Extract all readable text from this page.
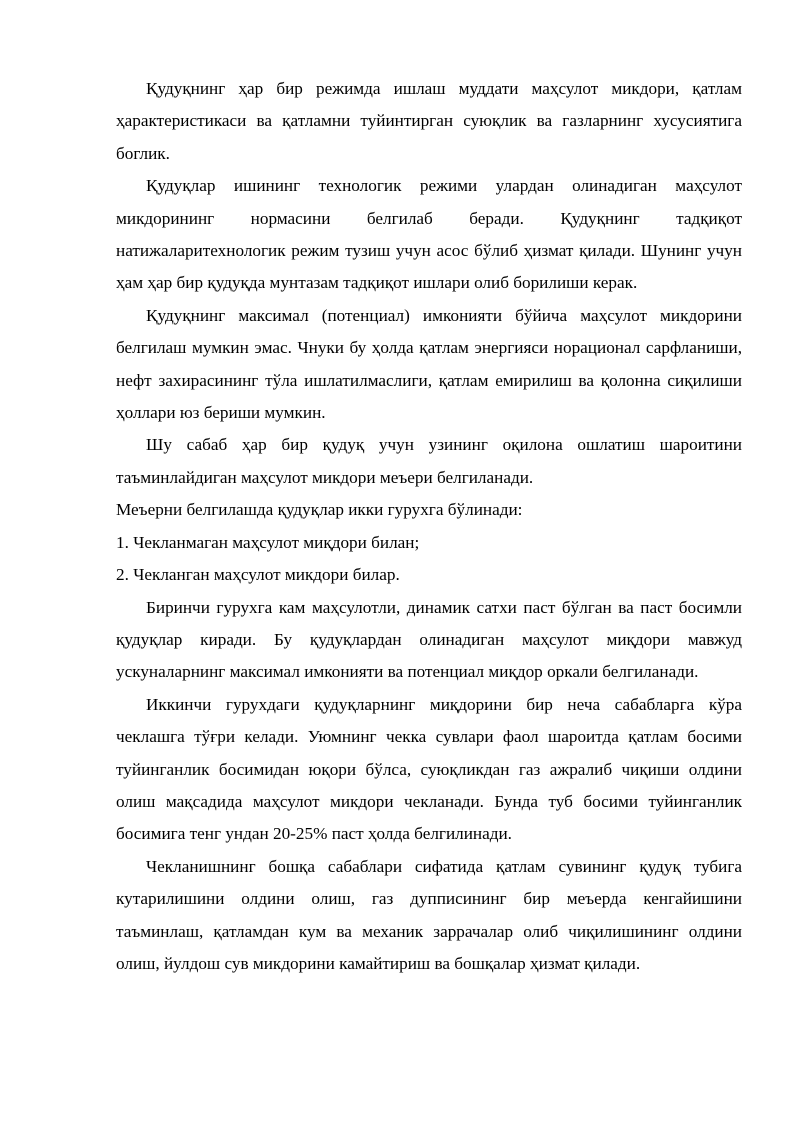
Қудуқнинг ҳар бир режимда ишлаш муддати маҳсулот микдори, қатлам ҳарактеристикаси ва қатламни туйинтирган суюқлик ва газларнинг хусусиятига боглик.

Қудуқлар ишининг технологик режими улардан олинадиган маҳсулот микдорининг нормасини белгилаб беради. Қудуқнинг тадқиқот натижаларитехнологик режим тузиш учун асос бўлиб ҳизмат қилади. Шунинг учун ҳам ҳар бир қудуқда мунтазам тадқиқот ишлари олиб борилиши керак.

Қудуқнинг максимал (потенциал) имконияти бўйича маҳсулот микдорини белгилаш мумкин эмас. Чнуки бу ҳолда қатлам энергияси норационал сарфланиши, нефт захирасининг тўла ишлатилмаслиги, қатлам емирилиш ва қолонна сиқилиши ҳоллари юз бериши мумкин.

Шу сабаб ҳар бир қудуқ учун узининг оқилона ошлатиш шароитини таъминлайдиган маҳсулот микдори меъери белгиланади.

Меъерни белгилашда қудуқлар икки гурухга бўлинади:

1. Чекланмаган маҳсулот миқдори билан;

2. Чекланган маҳсулот микдори билар.

Биринчи гурухга кам маҳсулотли, динамик сатхи паст бўлган ва паст босимли қудуқлар киради. Бу қудуқлардан олинадиган маҳсулот миқдори мавжуд ускуналарнинг максимал имконияти ва потенциал миқдор оркали белгиланади.

Иккинчи гурухдаги қудуқларнинг миқдорини бир неча сабабларга кўра чеклашга тўғри келади. Уюмнинг чекка сувлари фаол шароитда қатлам босими туйинганлик босимидан юқори бўлса, суюқликдан газ ажралиб чиқиши олдини олиш мақсадида маҳсулот микдори чекланади. Бунда туб босими туйинганлик босимига тенг ундан 20-25% паст ҳолда белгилинади.

Чекланишнинг бошқа сабаблари сифатида қатлам сувининг қудуқ тубига кутарилишини олдини олиш, газ дупписининг бир меъерда кенгайишини таъминлаш, қатламдан кум ва механик заррачалар олиб чиқилишининг олдини олиш, йулдош сув микдорини камайтириш ва бошқалар ҳизмат қилади.
